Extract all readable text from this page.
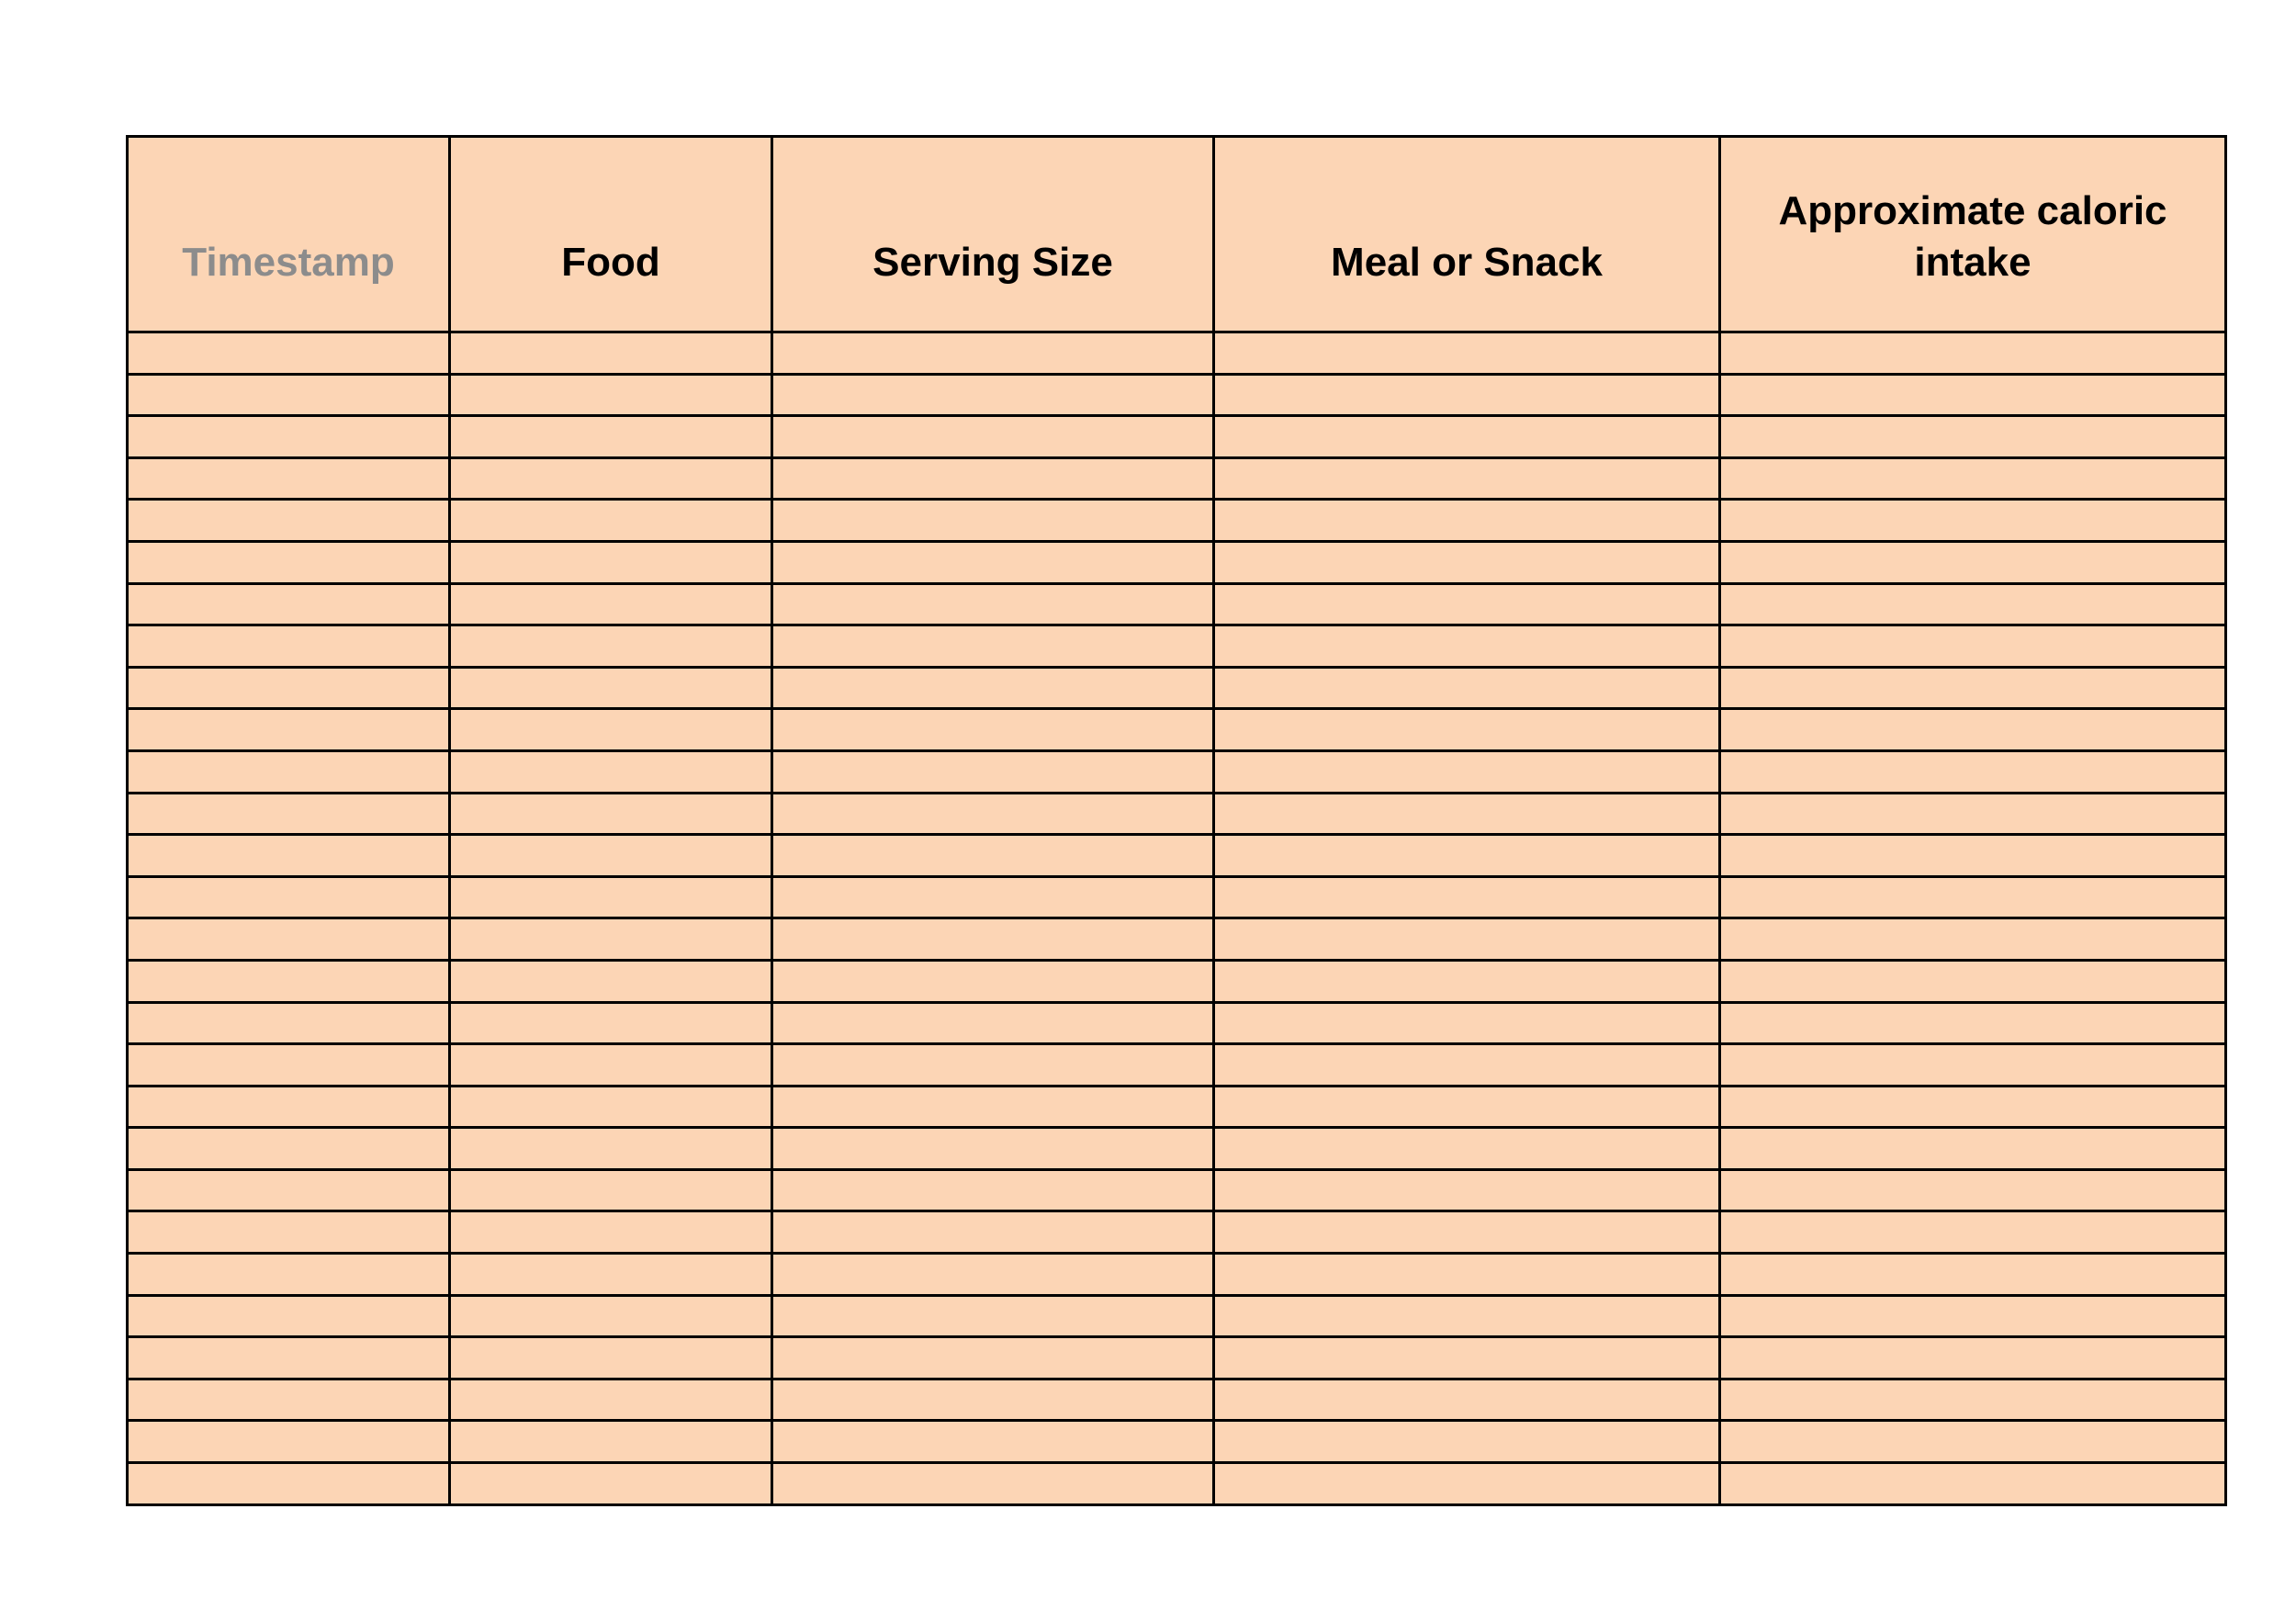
Timestamp	Food	Serving Size	Meal or Snack	Approximate caloric intake
